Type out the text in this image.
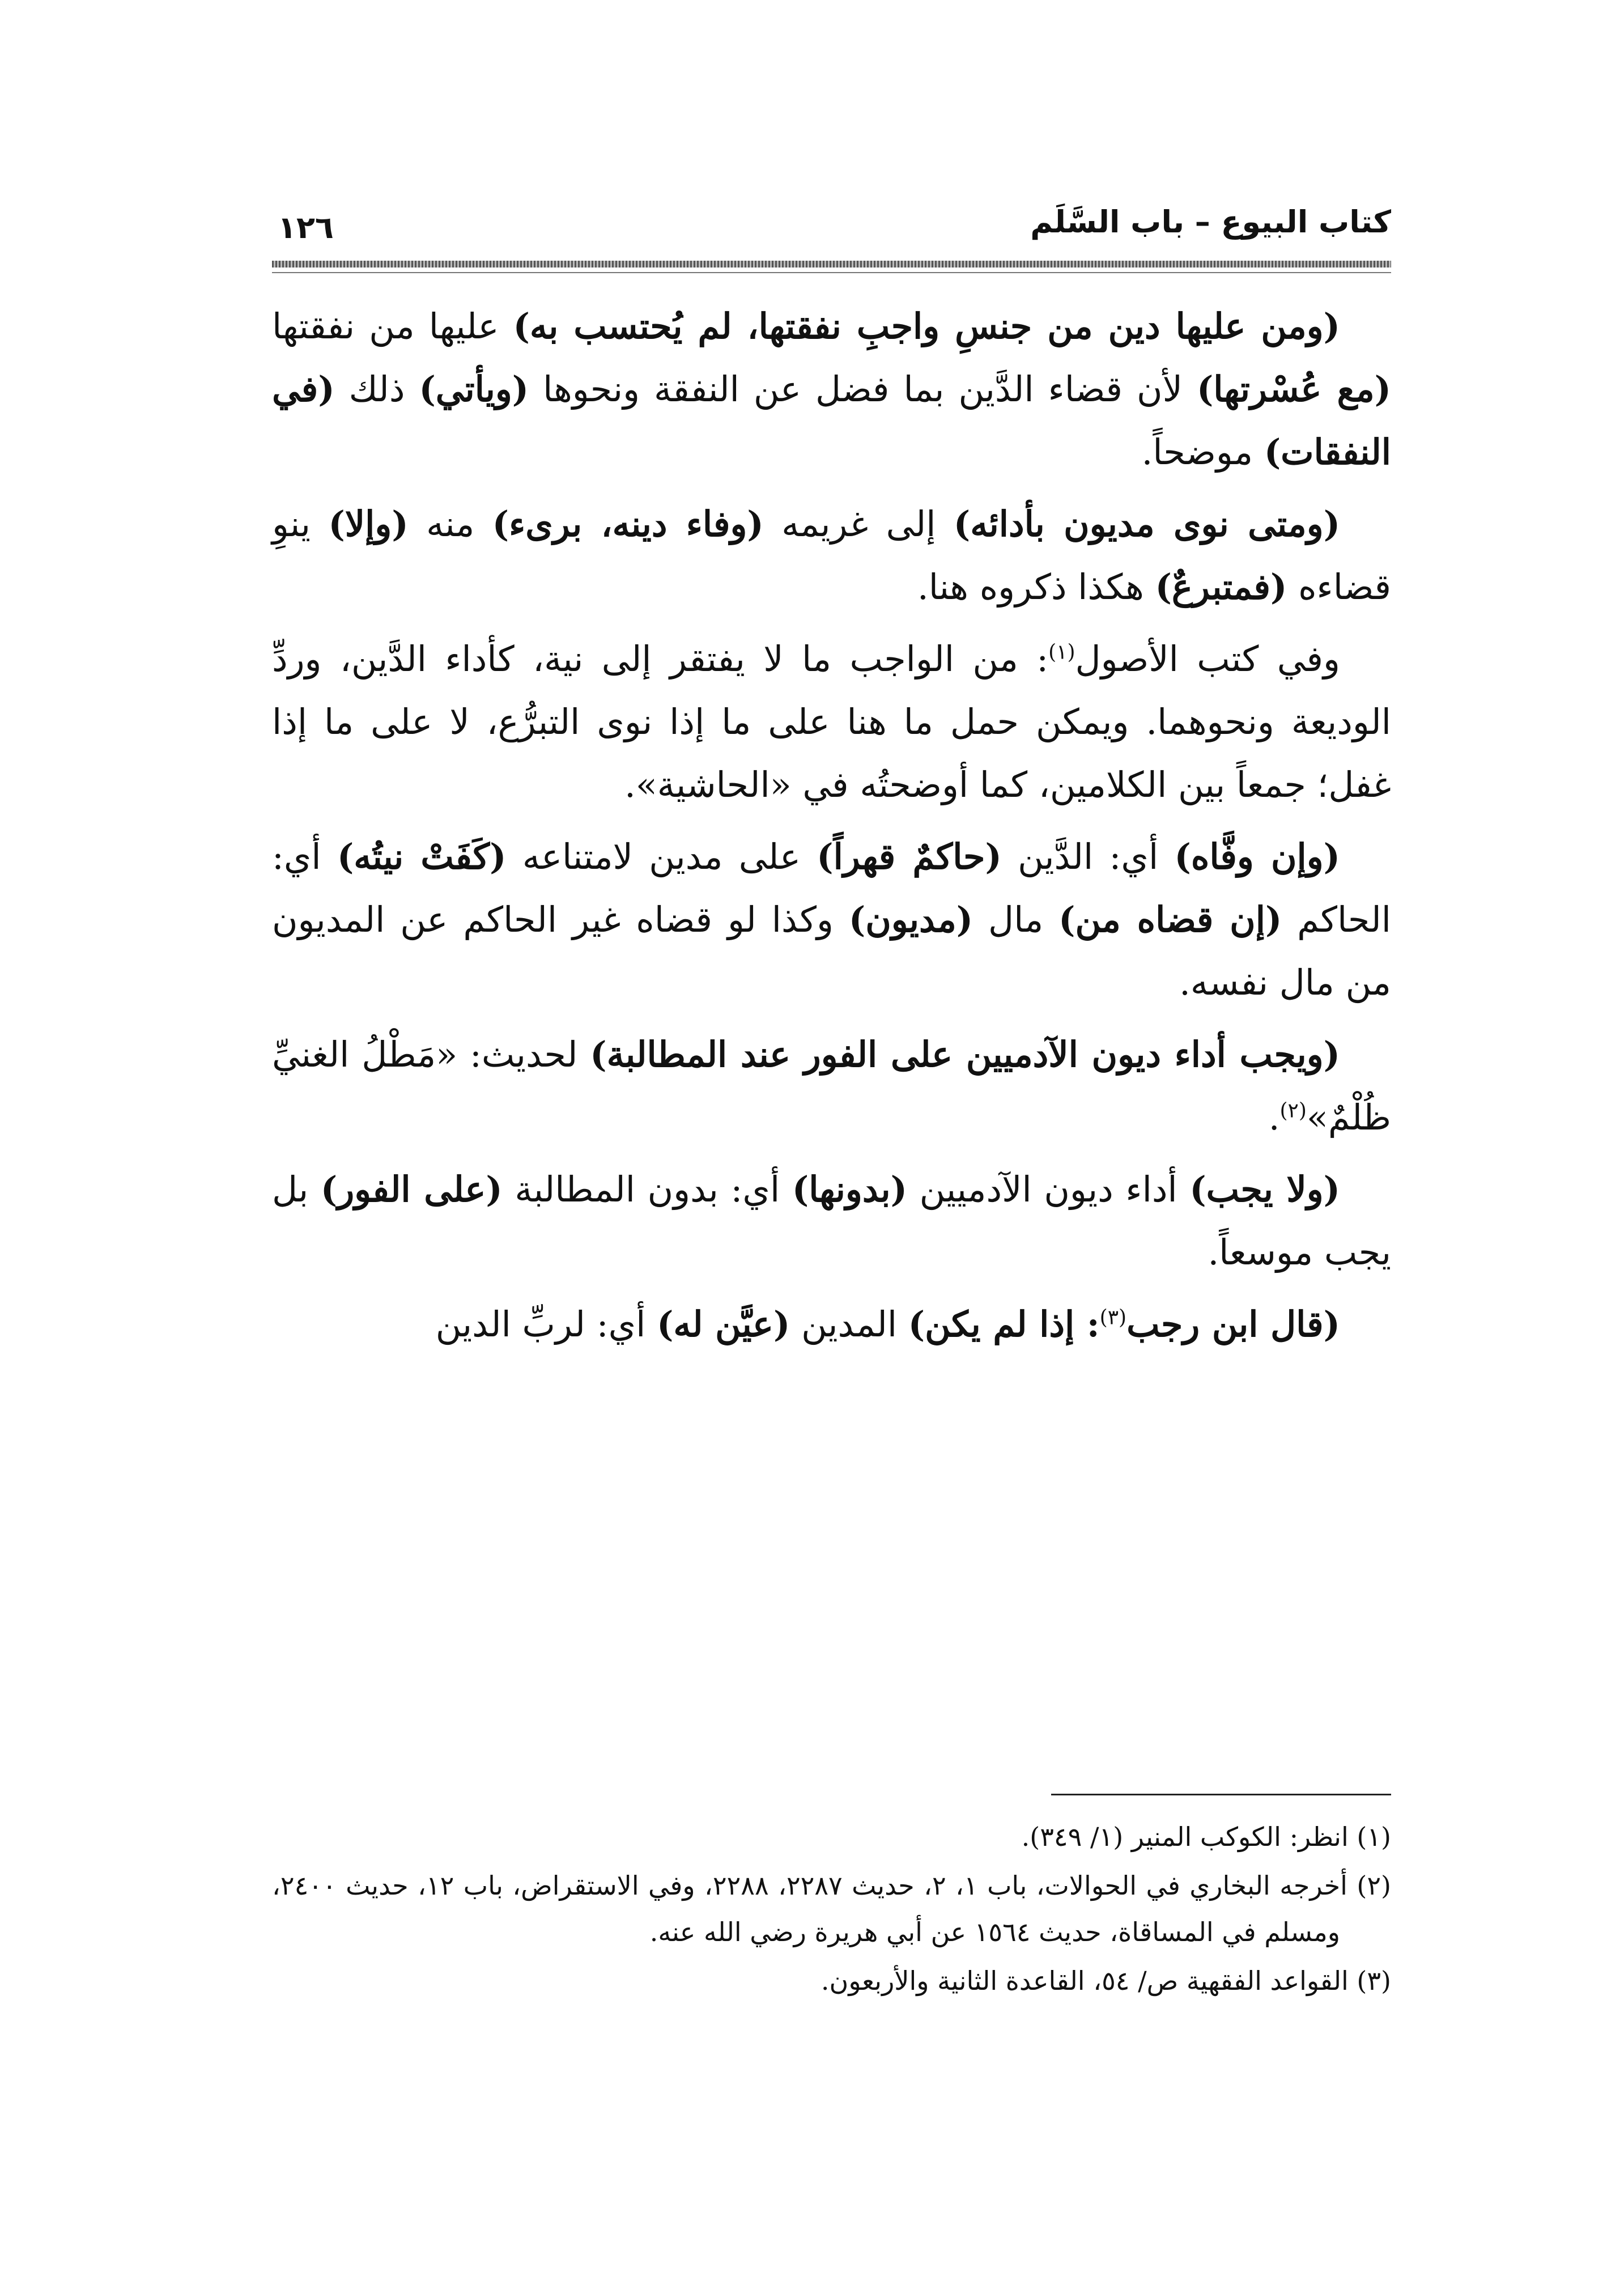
كتاب البيوع – باب السَّلَم
١٢٦

(ومن عليها دين من جنسِ واجبِ نفقتها، لم يُحتسب به) عليها من نفقتها (مع عُسْرتها) لأن قضاء الدَّين بما فضل عن النفقة ونحوها (ويأتي) ذلك (في النفقات) موضحاً.

(ومتى نوى مديون بأدائه) إلى غريمه (وفاء دينه، برىء) منه (وإلا) ينوِ قضاءه (فمتبرعٌ) هكذا ذكروه هنا.

وفي كتب الأصول$^{(١)}$: من الواجب ما لا يفتقر إلى نية، كأداء الدَّين، وردِّ الوديعة ونحوهما. ويمكن حمل ما هنا على ما إذا نوى التبرُّع، لا على ما إذا غفل؛ جمعاً بين الكلامين، كما أوضحتُه في «الحاشية».

(وإن وفَّاه) أي: الدَّين (حاكمٌ قهراً) على مدين لامتناعه (كَفَتْ نيتُه) أي: الحاكم (إن قضاه من) مال (مديون) وكذا لو قضاه غير الحاكم عن المديون من مال نفسه.

(ويجب أداء ديون الآدميين على الفور عند المطالبة) لحديث: «مَطْلُ الغنيِّ ظُلْمٌ»$^{(٢)}$.

(ولا يجب) أداء ديون الآدميين (بدونها) أي: بدون المطالبة (على الفور) بل يجب موسعاً.

(قال ابن رجب$^{(٣)}$: إذا لم يكن) المدين (عيَّن له) أي: لربِّ الدين

(١) انظر: الكوكب المنير (١/ ٣٤٩).

(٢) أخرجه البخاري في الحوالات، باب ١، ٢، حديث ٢٢٨٧، ٢٢٨٨، وفي الاستقراض، باب ١٢، حديث ٢٤٠٠، ومسلم في المساقاة، حديث ١٥٦٤ عن أبي هريرة رضي الله عنه.

(٣) القواعد الفقهية ص/ ٥٤، القاعدة الثانية والأربعون.
